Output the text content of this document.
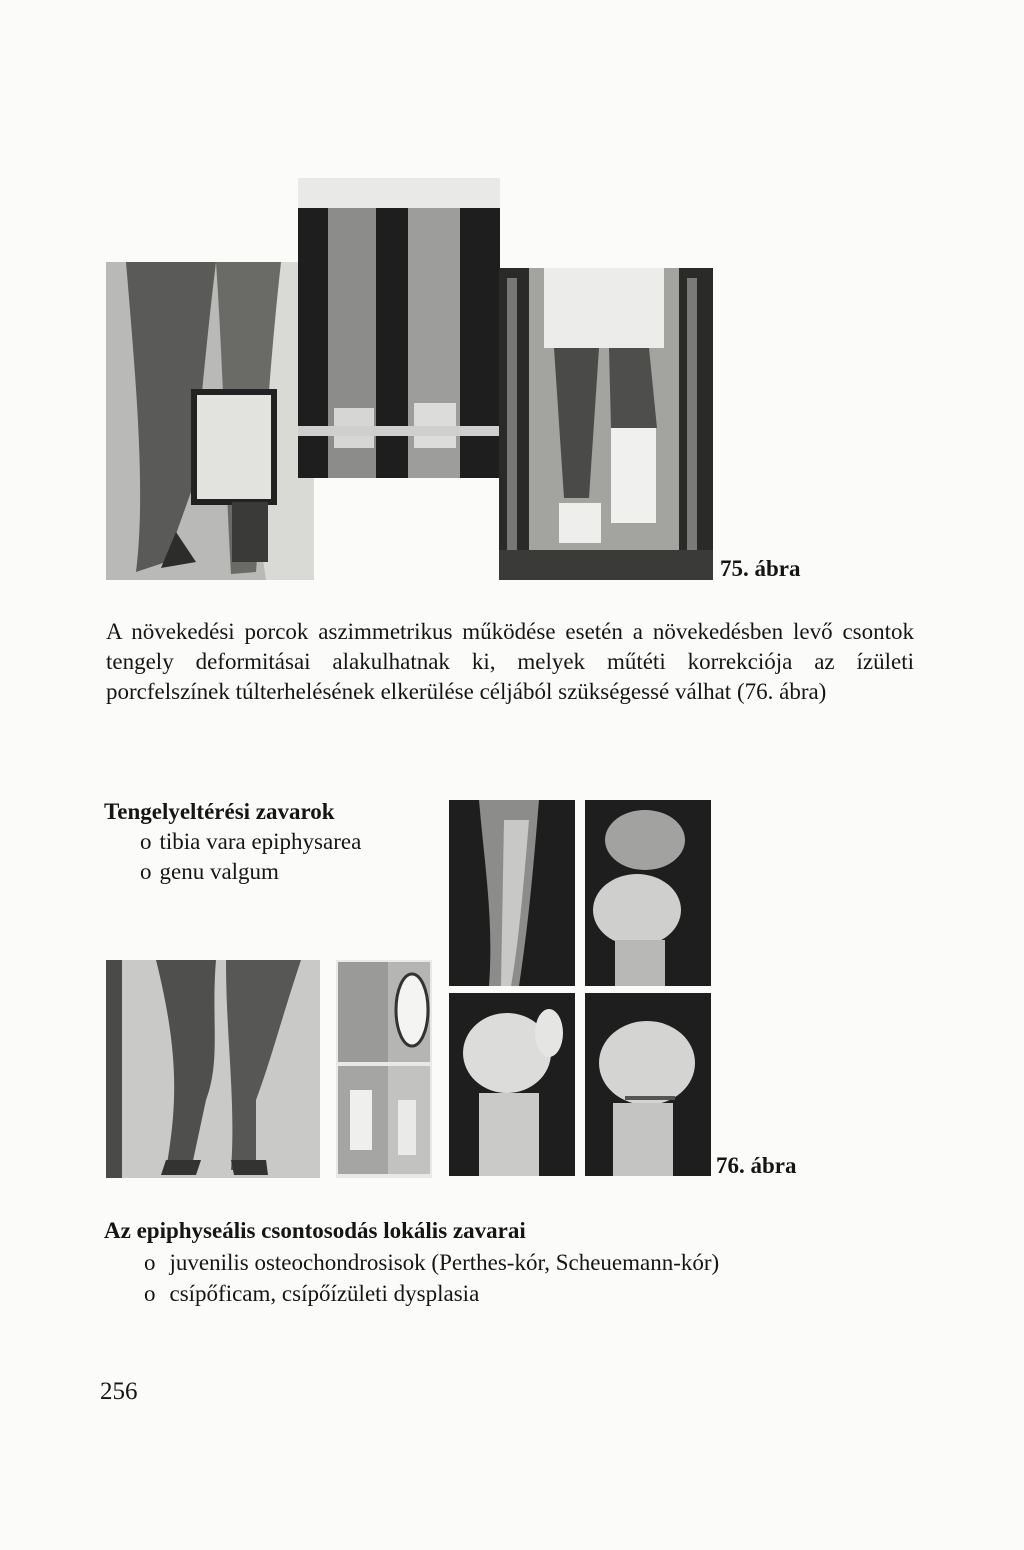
75. ábra
A növekedési porcok aszimmetrikus működése esetén a növekedésben levő csontok tengely deformitásai alakulhatnak ki, melyek műtéti korrekciója az ízületi porcfelszínek túlterhelésének elkerülése céljából szükségessé válhat (76. ábra)
Tengelyeltérési zavarok
o tibia vara epiphysarea
o genu valgum
76. ábra
Az epiphyseális csontosodás lokális zavarai
o juvenilis osteochondrosisok (Perthes-kór, Scheuemann-kór)
o csípőficam, csípőízületi dysplasia
256
